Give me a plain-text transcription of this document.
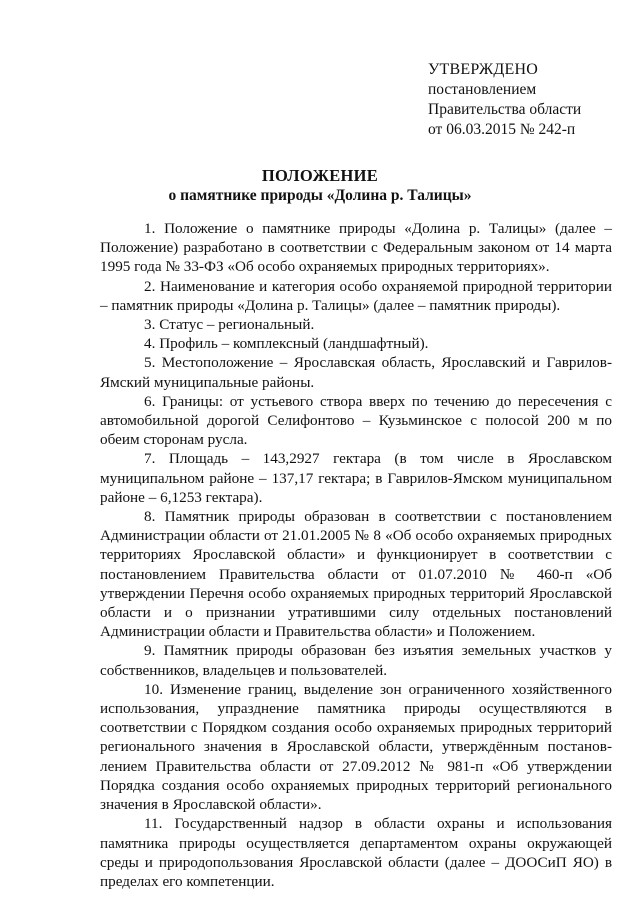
УТВЕРЖДЕНО
постановлением
Правительства области
от 06.03.2015 № 242-п
ПОЛОЖЕНИЕ
о памятнике природы «Долина р. Талицы»

1. Положение о памятнике природы «Долина р. Талицы» (далее – Положение) разработано в соответствии с Федеральным законом от 14 марта 1995 года № 33-ФЗ «Об особо охраняемых природных территориях».

2. Наименование и категория особо охраняемой природной территории – памятник природы «Долина р. Талицы» (далее – памятник природы).

3. Статус – региональный.

4. Профиль – комплексный (ландшафтный).

5. Местоположение – Ярославская область, Ярославский и Гаврилов-Ямский муниципальные районы.

6. Границы: от устьевого створа вверх по течению до пересечения с автомобильной дорогой Селифонтово – Кузьминское с полосой 200 м по обеим сторонам русла.

7. Площадь – 143,2927 гектара (в том числе в Ярославском муниципальном районе – 137,17 гектара; в Гаврилов-Ямском муниципальном районе – 6,1253 гектара).

8. Памятник природы образован в соответствии с постановлением Администрации области от 21.01.2005 № 8 «Об особо охраняемых природных территориях Ярославской области» и функционирует в соответствии с постановлением Правительства области от 01.07.2010 № 460-п «Об утверждении Перечня особо охраняемых природных территорий Ярославской области и о признании утратившими силу отдельных постановлений Администрации области и Правительства области» и Положением.

9. Памятник природы образован без изъятия земельных участков у собственников, владельцев и пользователей.

10. Изменение границ, выделение зон ограниченного хозяйственного использования, упразднение памятника природы осуществляются в соответствии с Порядком создания особо охраняемых природных территорий регионального значения в Ярославской области, утверждённым постановлением Правительства области от 27.09.2012 № 981-п «Об утверждении Порядка создания особо охраняемых природных территорий регионального значения в Ярославской области».

11. Государственный надзор в области охраны и использования памятника природы осуществляется департаментом охраны окружающей среды и природопользования Ярославской области (далее – ДООСиП ЯО) в пределах его компетенции.
